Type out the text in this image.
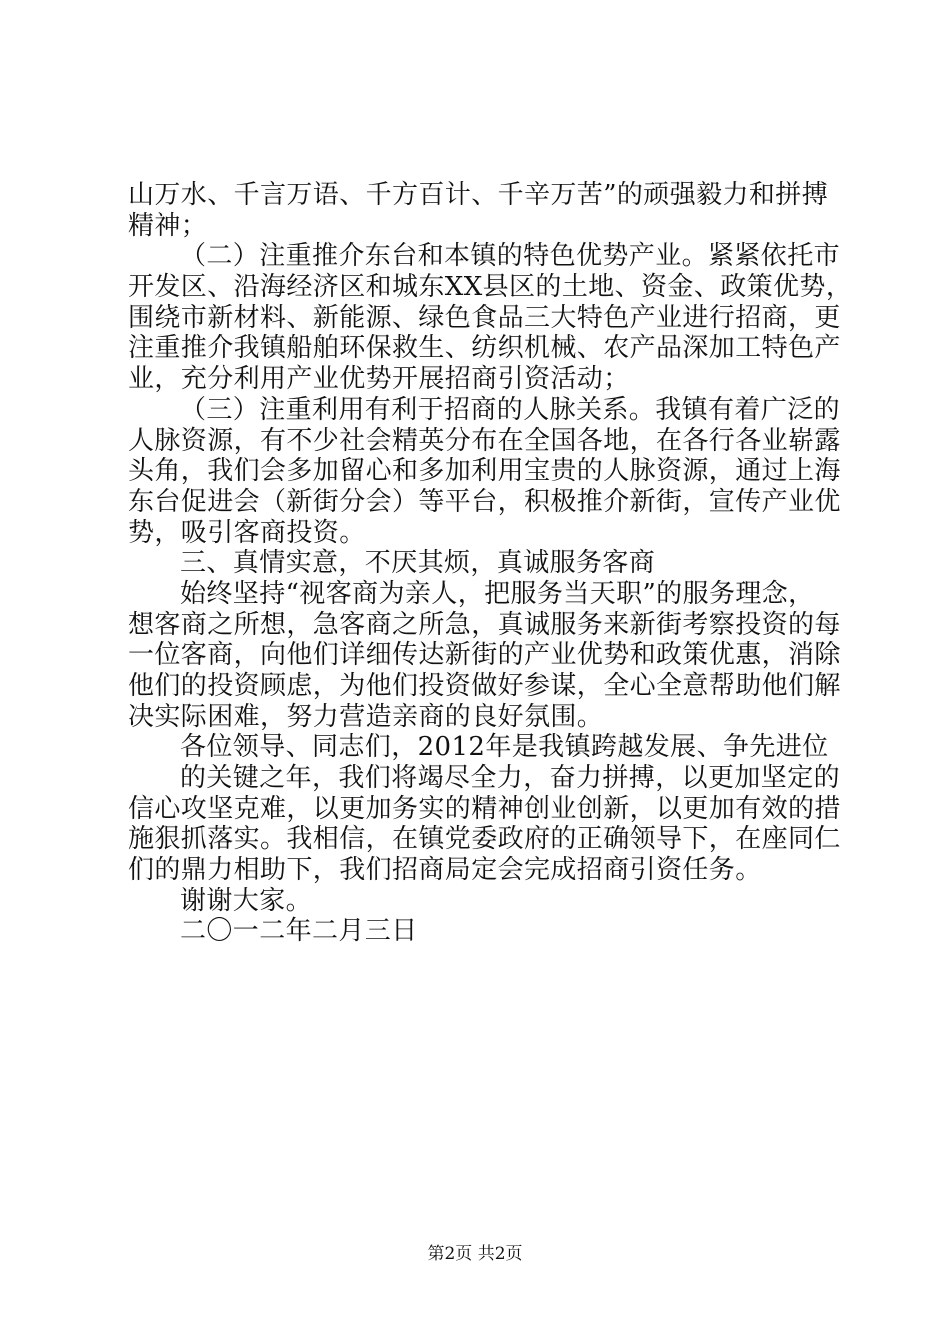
山万水、千言万语、千方百计、千辛万苦”的顽强毅力和拼搏
精神；
（二）注重推介东台和本镇的特色优势产业。紧紧依托市
开发区、沿海经济区和城东XX县区的土地、资金、政策优势，
围绕市新材料、新能源、绿色食品三大特色产业进行招商，更
注重推介我镇船舶环保救生、纺织机械、农产品深加工特色产
业，充分利用产业优势开展招商引资活动；
（三）注重利用有利于招商的人脉关系。我镇有着广泛的
人脉资源，有不少社会精英分布在全国各地，在各行各业崭露
头角，我们会多加留心和多加利用宝贵的人脉资源，通过上海
东台促进会（新街分会）等平台，积极推介新街，宣传产业优
势，吸引客商投资。
三、真情实意，不厌其烦，真诚服务客商
始终坚持“视客商为亲人，把服务当天职”的服务理念，
想客商之所想，急客商之所急，真诚服务来新街考察投资的每
一位客商，向他们详细传达新街的产业优势和政策优惠，消除
他们的投资顾虑，为他们投资做好参谋，全心全意帮助他们解
决实际困难，努力营造亲商的良好氛围。
各位领导、同志们，2012年是我镇跨越发展、争先进位
的关键之年，我们将竭尽全力，奋力拼搏，以更加坚定的
信心攻坚克难，以更加务实的精神创业创新，以更加有效的措
施狠抓落实。我相信，在镇党委政府的正确领导下，在座同仁
们的鼎力相助下，我们招商局定会完成招商引资任务。
谢谢大家。
二〇一二年二月三日
第2页 共2页
